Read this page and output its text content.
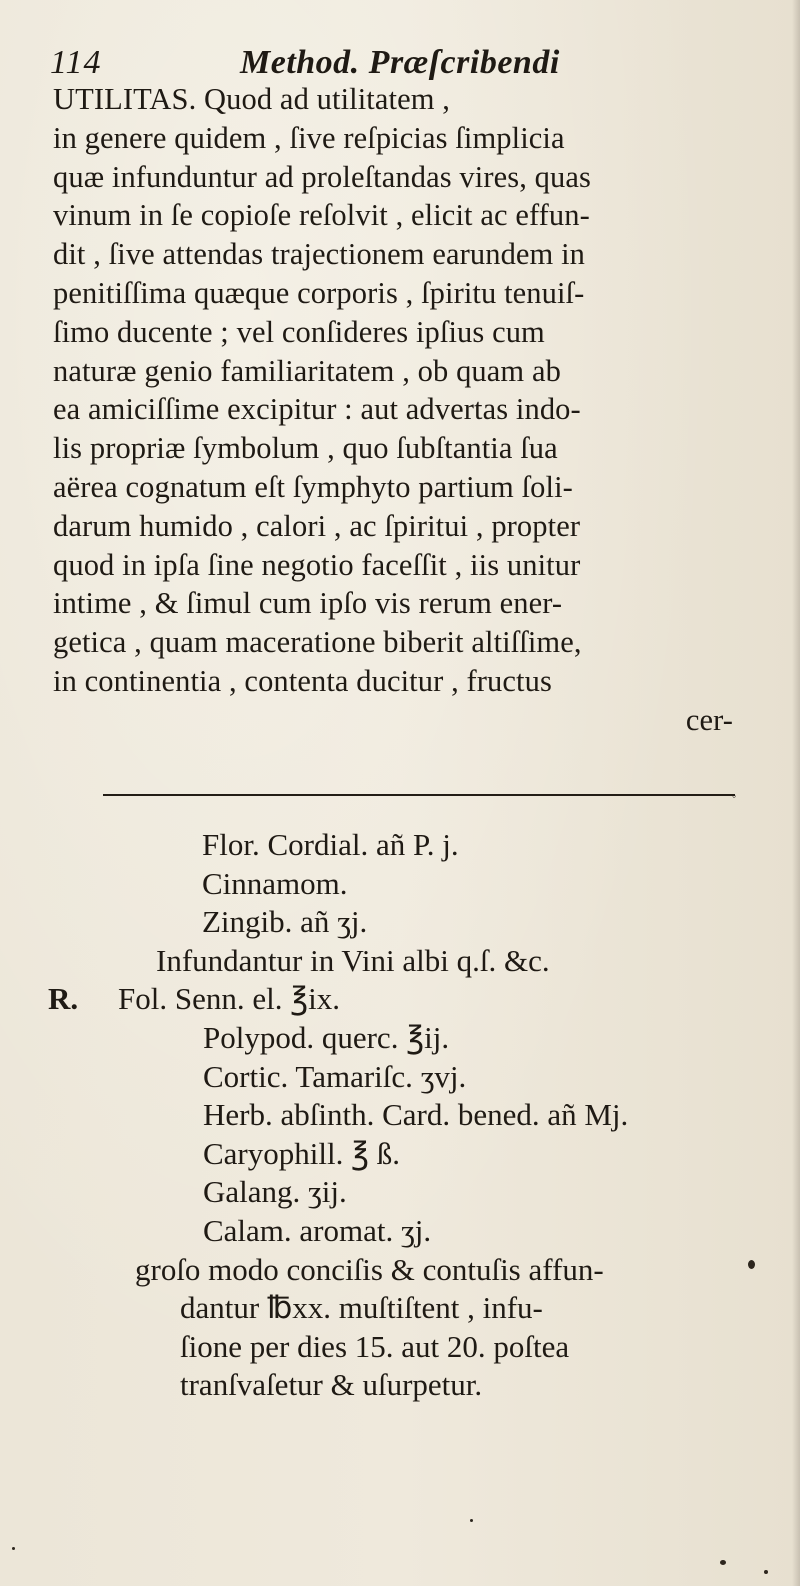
114	Method. Præſcribendi
UTILITAS. Quod ad utilitatem ,
in genere quidem , ſive reſpicias ſimplicia
quæ infunduntur ad proleſtandas vires, quas
vinum in ſe copioſe reſolvit , elicit ac effun-
dit , ſive attendas trajectionem earundem in
penitiſſima quæque corporis , ſpiritu tenuiſ-
ſimo ducente ; vel conſideres ipſius cum
naturæ genio familiaritatem , ob quam ab
ea amiciſſime excipitur : aut advertas indo-
lis propriæ ſymbolum , quo ſubſtantia ſua
aërea cognatum eſt ſymphyto partium ſoli-
darum humido , calori , ac ſpiritui , propter
quod in ipſa ſine negotio faceſſit , iis unitur
intime , & ſimul cum ipſo vis rerum ener-
getica , quam maceratione biberit altiſſime,
in continentia , contenta ducitur , fructus
cer-
◦
Flor. Cordial. añ P. j.
Cinnamom.
Zingib. añ ʒj.
Infundantur in Vini albi q.ſ. &c.
R. Fol. Senn. el. ℥ix.
Polypod. querc. ℥ij.
Cortic. Tamariſc. ʒvj.
Herb. abſinth. Card. bened. añ Mj.
Caryophill. ℥ ß.
Galang. ʒij.
Calam. aromat. ʒj.
groſo modo conciſis & contuſis affun-
dantur ℔xx. muſtiſtent , infu-
ſione per dies 15. aut 20. poſtea
tranſvaſetur & uſurpetur.
